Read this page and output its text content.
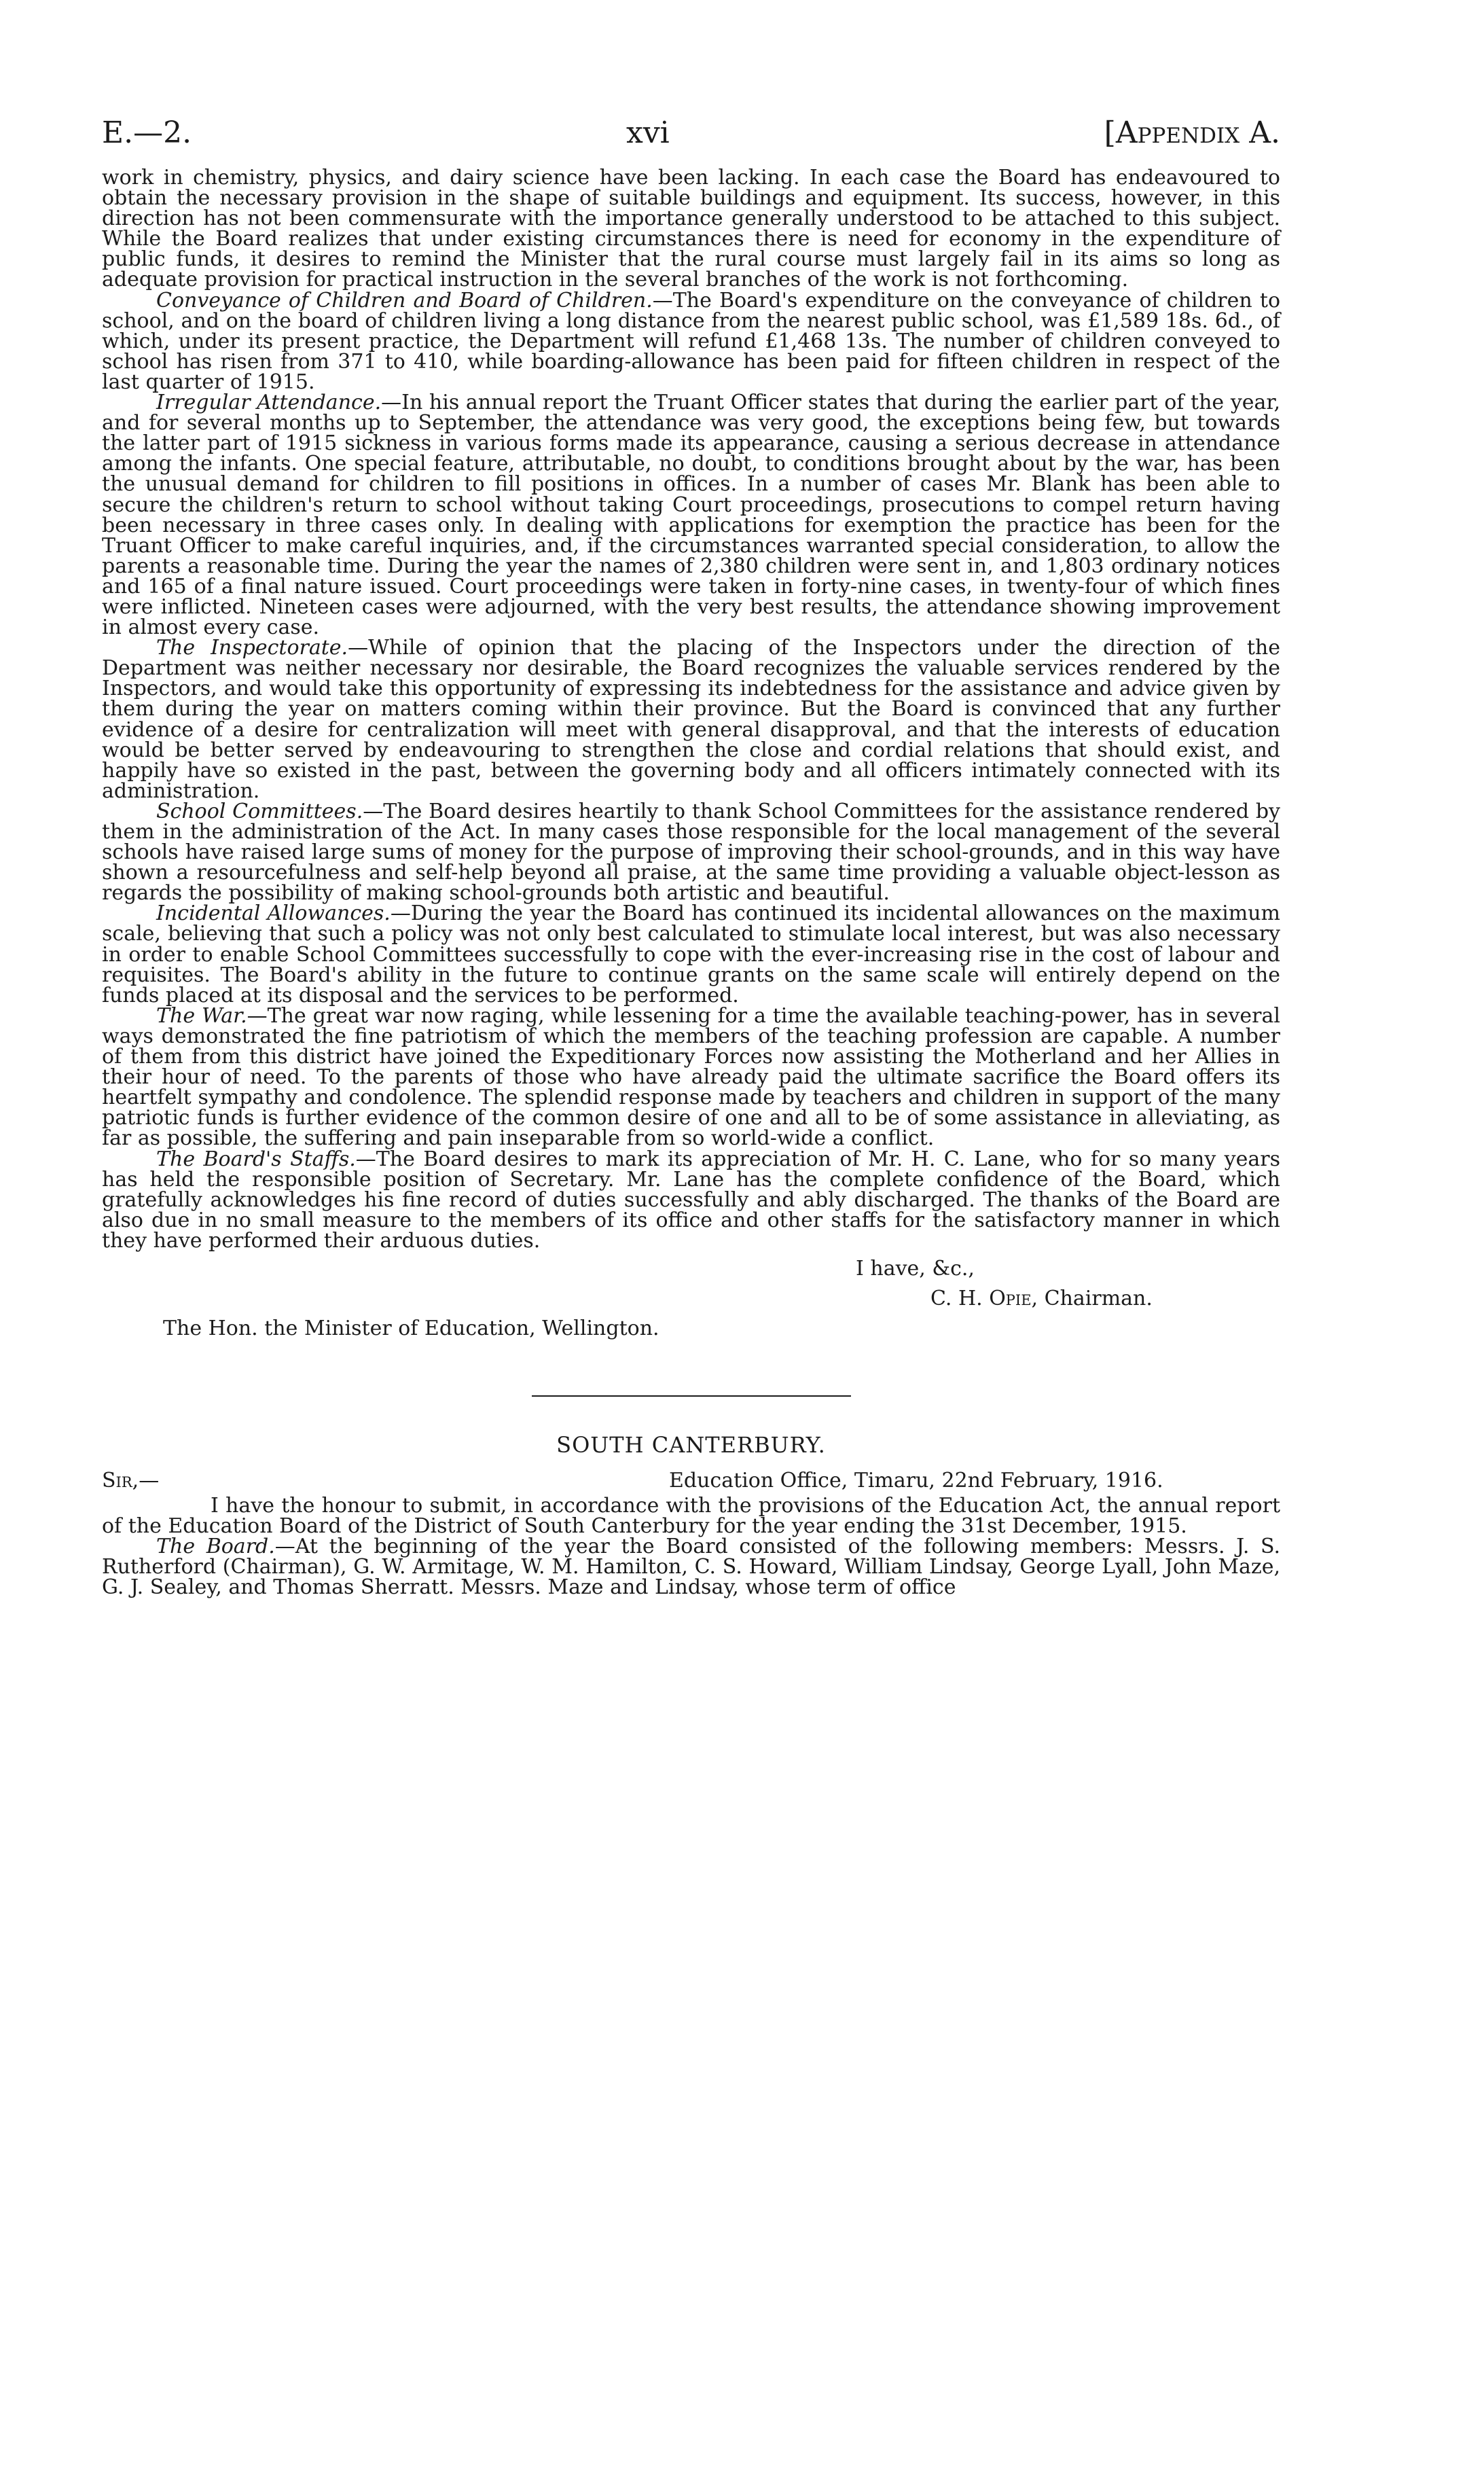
E.—2.	xvi	[Appendix A.

work in chemistry, physics, and dairy science have been lacking. In each case the Board has endeavoured to obtain the necessary provision in the shape of suitable buildings and equipment. Its success, however, in this direction has not been commensurate with the importance generally understood to be attached to this subject. While the Board realizes that under existing circumstances there is need for economy in the expenditure of public funds, it desires to remind the Minister that the rural course must largely fail in its aims so long as adequate provision for practical instruction in the several branches of the work is not forthcoming.

Conveyance of Children and Board of Children.—The Board's expenditure on the conveyance of children to school, and on the board of children living a long distance from the nearest public school, was £1,589 18s. 6d., of which, under its present practice, the Department will refund £1,468 13s. The number of children conveyed to school has risen from 371 to 410, while boarding-allowance has been paid for fifteen children in respect of the last quarter of 1915.

Irregular Attendance.—In his annual report the Truant Officer states that during the earlier part of the year, and for several months up to September, the attendance was very good, the exceptions being few, but towards the latter part of 1915 sickness in various forms made its appearance, causing a serious decrease in attendance among the infants. One special feature, attributable, no doubt, to conditions brought about by the war, has been the unusual demand for children to fill positions in offices. In a number of cases Mr. Blank has been able to secure the children's return to school without taking Court proceedings, prosecutions to compel return having been necessary in three cases only. In dealing with applications for exemption the practice has been for the Truant Officer to make careful inquiries, and, if the circumstances warranted special consideration, to allow the parents a reasonable time. During the year the names of 2,380 children were sent in, and 1,803 ordinary notices and 165 of a final nature issued. Court proceedings were taken in forty-nine cases, in twenty-four of which fines were inflicted. Nineteen cases were adjourned, with the very best results, the attendance showing improvement in almost every case.

The Inspectorate.—While of opinion that the placing of the Inspectors under the direction of the Department was neither necessary nor desirable, the Board recognizes the valuable services rendered by the Inspectors, and would take this opportunity of expressing its indebtedness for the assistance and advice given by them during the year on matters coming within their province. But the Board is convinced that any further evidence of a desire for centralization will meet with general disapproval, and that the interests of education would be better served by endeavouring to strengthen the close and cordial relations that should exist, and happily have so existed in the past, between the governing body and all officers intimately connected with its administration.

School Committees.—The Board desires heartily to thank School Committees for the assistance rendered by them in the administration of the Act. In many cases those responsible for the local management of the several schools have raised large sums of money for the purpose of improving their school-grounds, and in this way have shown a resourcefulness and self-help beyond all praise, at the same time providing a valuable object-lesson as regards the possibility of making school-grounds both artistic and beautiful.

Incidental Allowances.—During the year the Board has continued its incidental allowances on the maximum scale, believing that such a policy was not only best calculated to stimulate local interest, but was also necessary in order to enable School Committees successfully to cope with the ever-increasing rise in the cost of labour and requisites. The Board's ability in the future to continue grants on the same scale will entirely depend on the funds placed at its disposal and the services to be performed.

The War.—The great war now raging, while lessening for a time the available teaching-power, has in several ways demonstrated the fine patriotism of which the members of the teaching profession are capable. A number of them from this district have joined the Expeditionary Forces now assisting the Motherland and her Allies in their hour of need. To the parents of those who have already paid the ultimate sacrifice the Board offers its heartfelt sympathy and condolence. The splendid response made by teachers and children in support of the many patriotic funds is further evidence of the common desire of one and all to be of some assistance in alleviating, as far as possible, the suffering and pain inseparable from so world-wide a conflict.

The Board's Staffs.—The Board desires to mark its appreciation of Mr. H. C. Lane, who for so many years has held the responsible position of Secretary. Mr. Lane has the complete confidence of the Board, which gratefully acknowledges his fine record of duties successfully and ably discharged. The thanks of the Board are also due in no small measure to the members of its office and other staffs for the satisfactory manner in which they have performed their arduous duties.

I have, &c.,
C. H. Opie, Chairman.
The Hon. the Minister of Education, Wellington.
SOUTH CANTERBURY.
Sir,—	Education Office, Timaru, 22nd February, 1916.

I have the honour to submit, in accordance with the provisions of the Education Act, the annual report of the Education Board of the District of South Canterbury for the year ending the 31st December, 1915.

The Board.—At the beginning of the year the Board consisted of the following members: Messrs. J. S. Rutherford (Chairman), G. W. Armitage, W. M. Hamilton, C. S. Howard, William Lindsay, George Lyall, John Maze, G. J. Sealey, and Thomas Sherratt. Messrs. Maze and Lindsay, whose term of office
